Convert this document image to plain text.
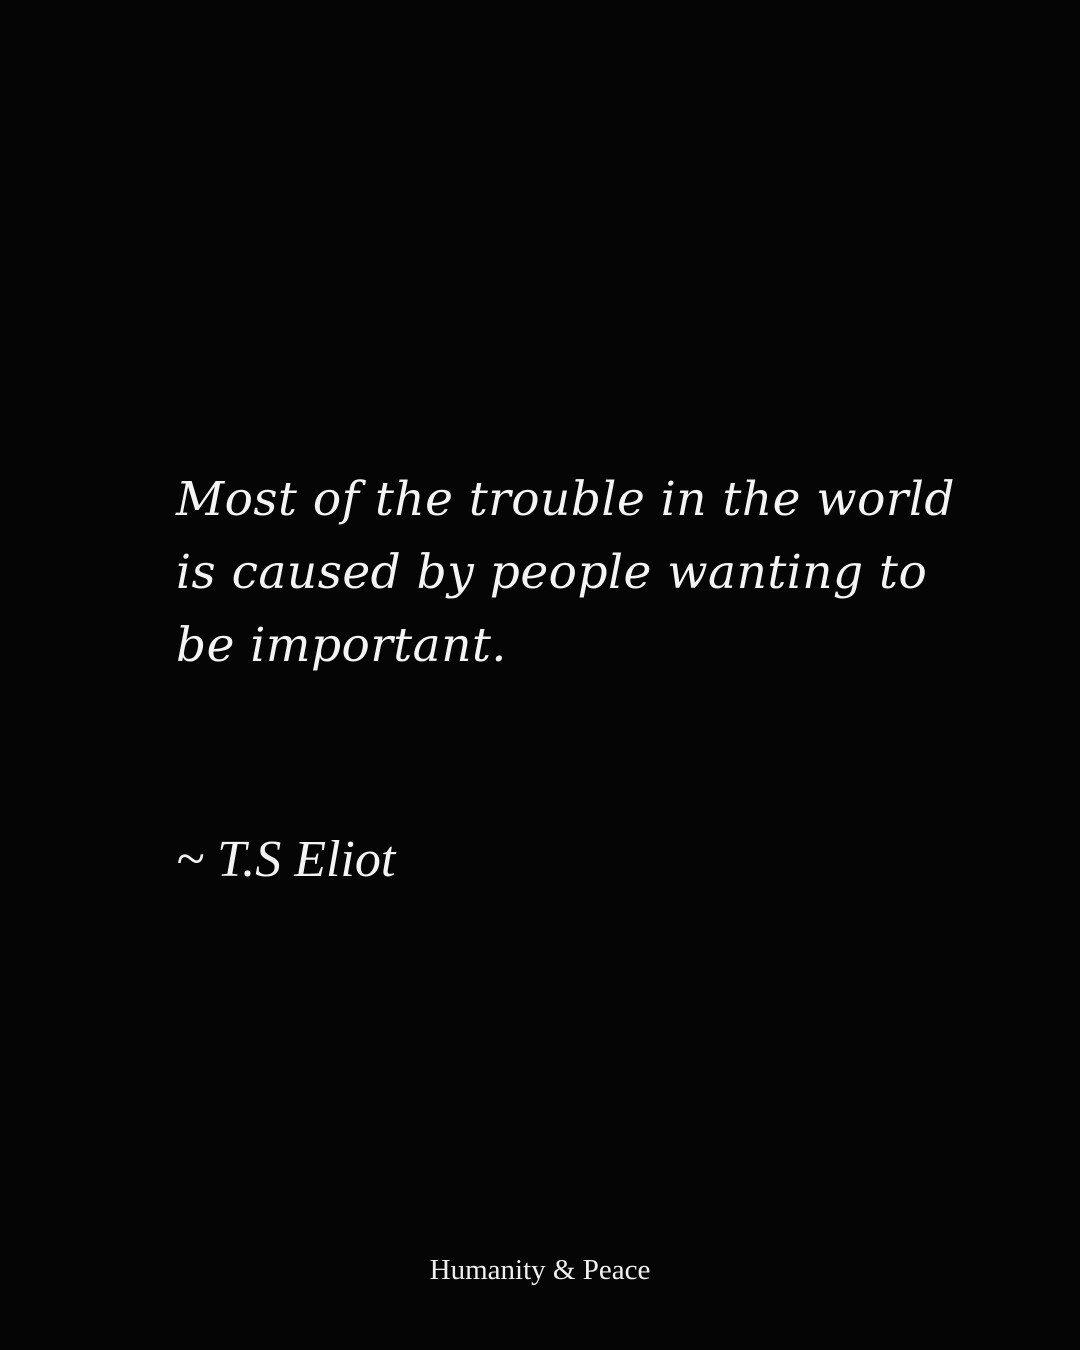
Most of the trouble in the world
is caused by people wanting to
be important.
~ T.S Eliot
Humanity & Peace
